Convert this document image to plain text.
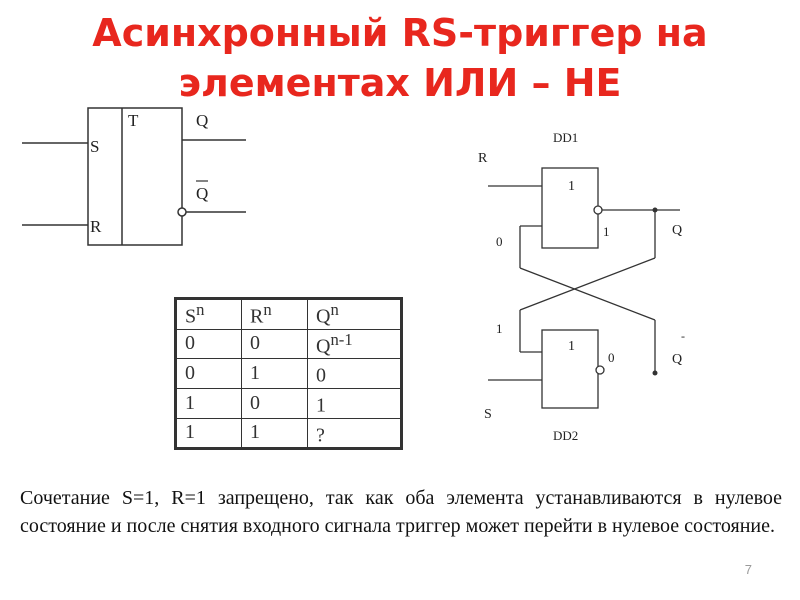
Асинхронный RS-триггер на
элементах ИЛИ – НЕ
T
S
R
Q
Q
DD1
DD2
1
1
R
S
0
1
1
0
Q
-
Q
$S^n$	$R^n$	$Q^n$
0	0	$Q^{n-1}$
0	1	0
1	0	1
1	1	?
Сочетание S=1, R=1 запрещено, так как оба элемента устанавливаются в нулевое состояние и после снятия входного сигнала триггер может перейти в нулевое состояние.
7
